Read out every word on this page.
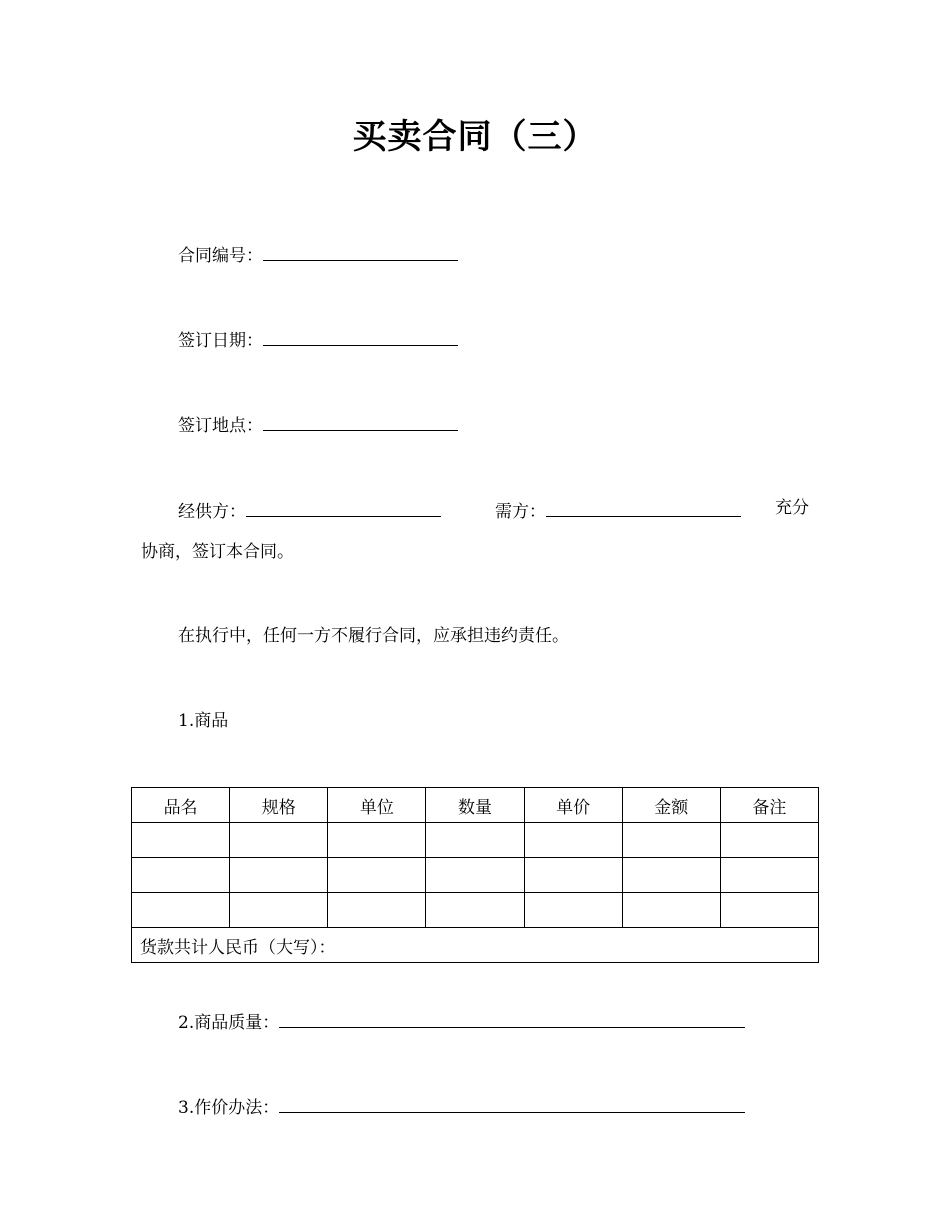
买卖合同（三）
合同编号：
签订日期：
签订地点：
经供方：	需方：	充分
协商，签订本合同。
在执行中，任何一方不履行合同，应承担违约责任。
1.商品
品名	规格	单位	数量	单价	金额	备注

货款共计人民币（大写）：						
2.商品质量：
3.作价办法：
